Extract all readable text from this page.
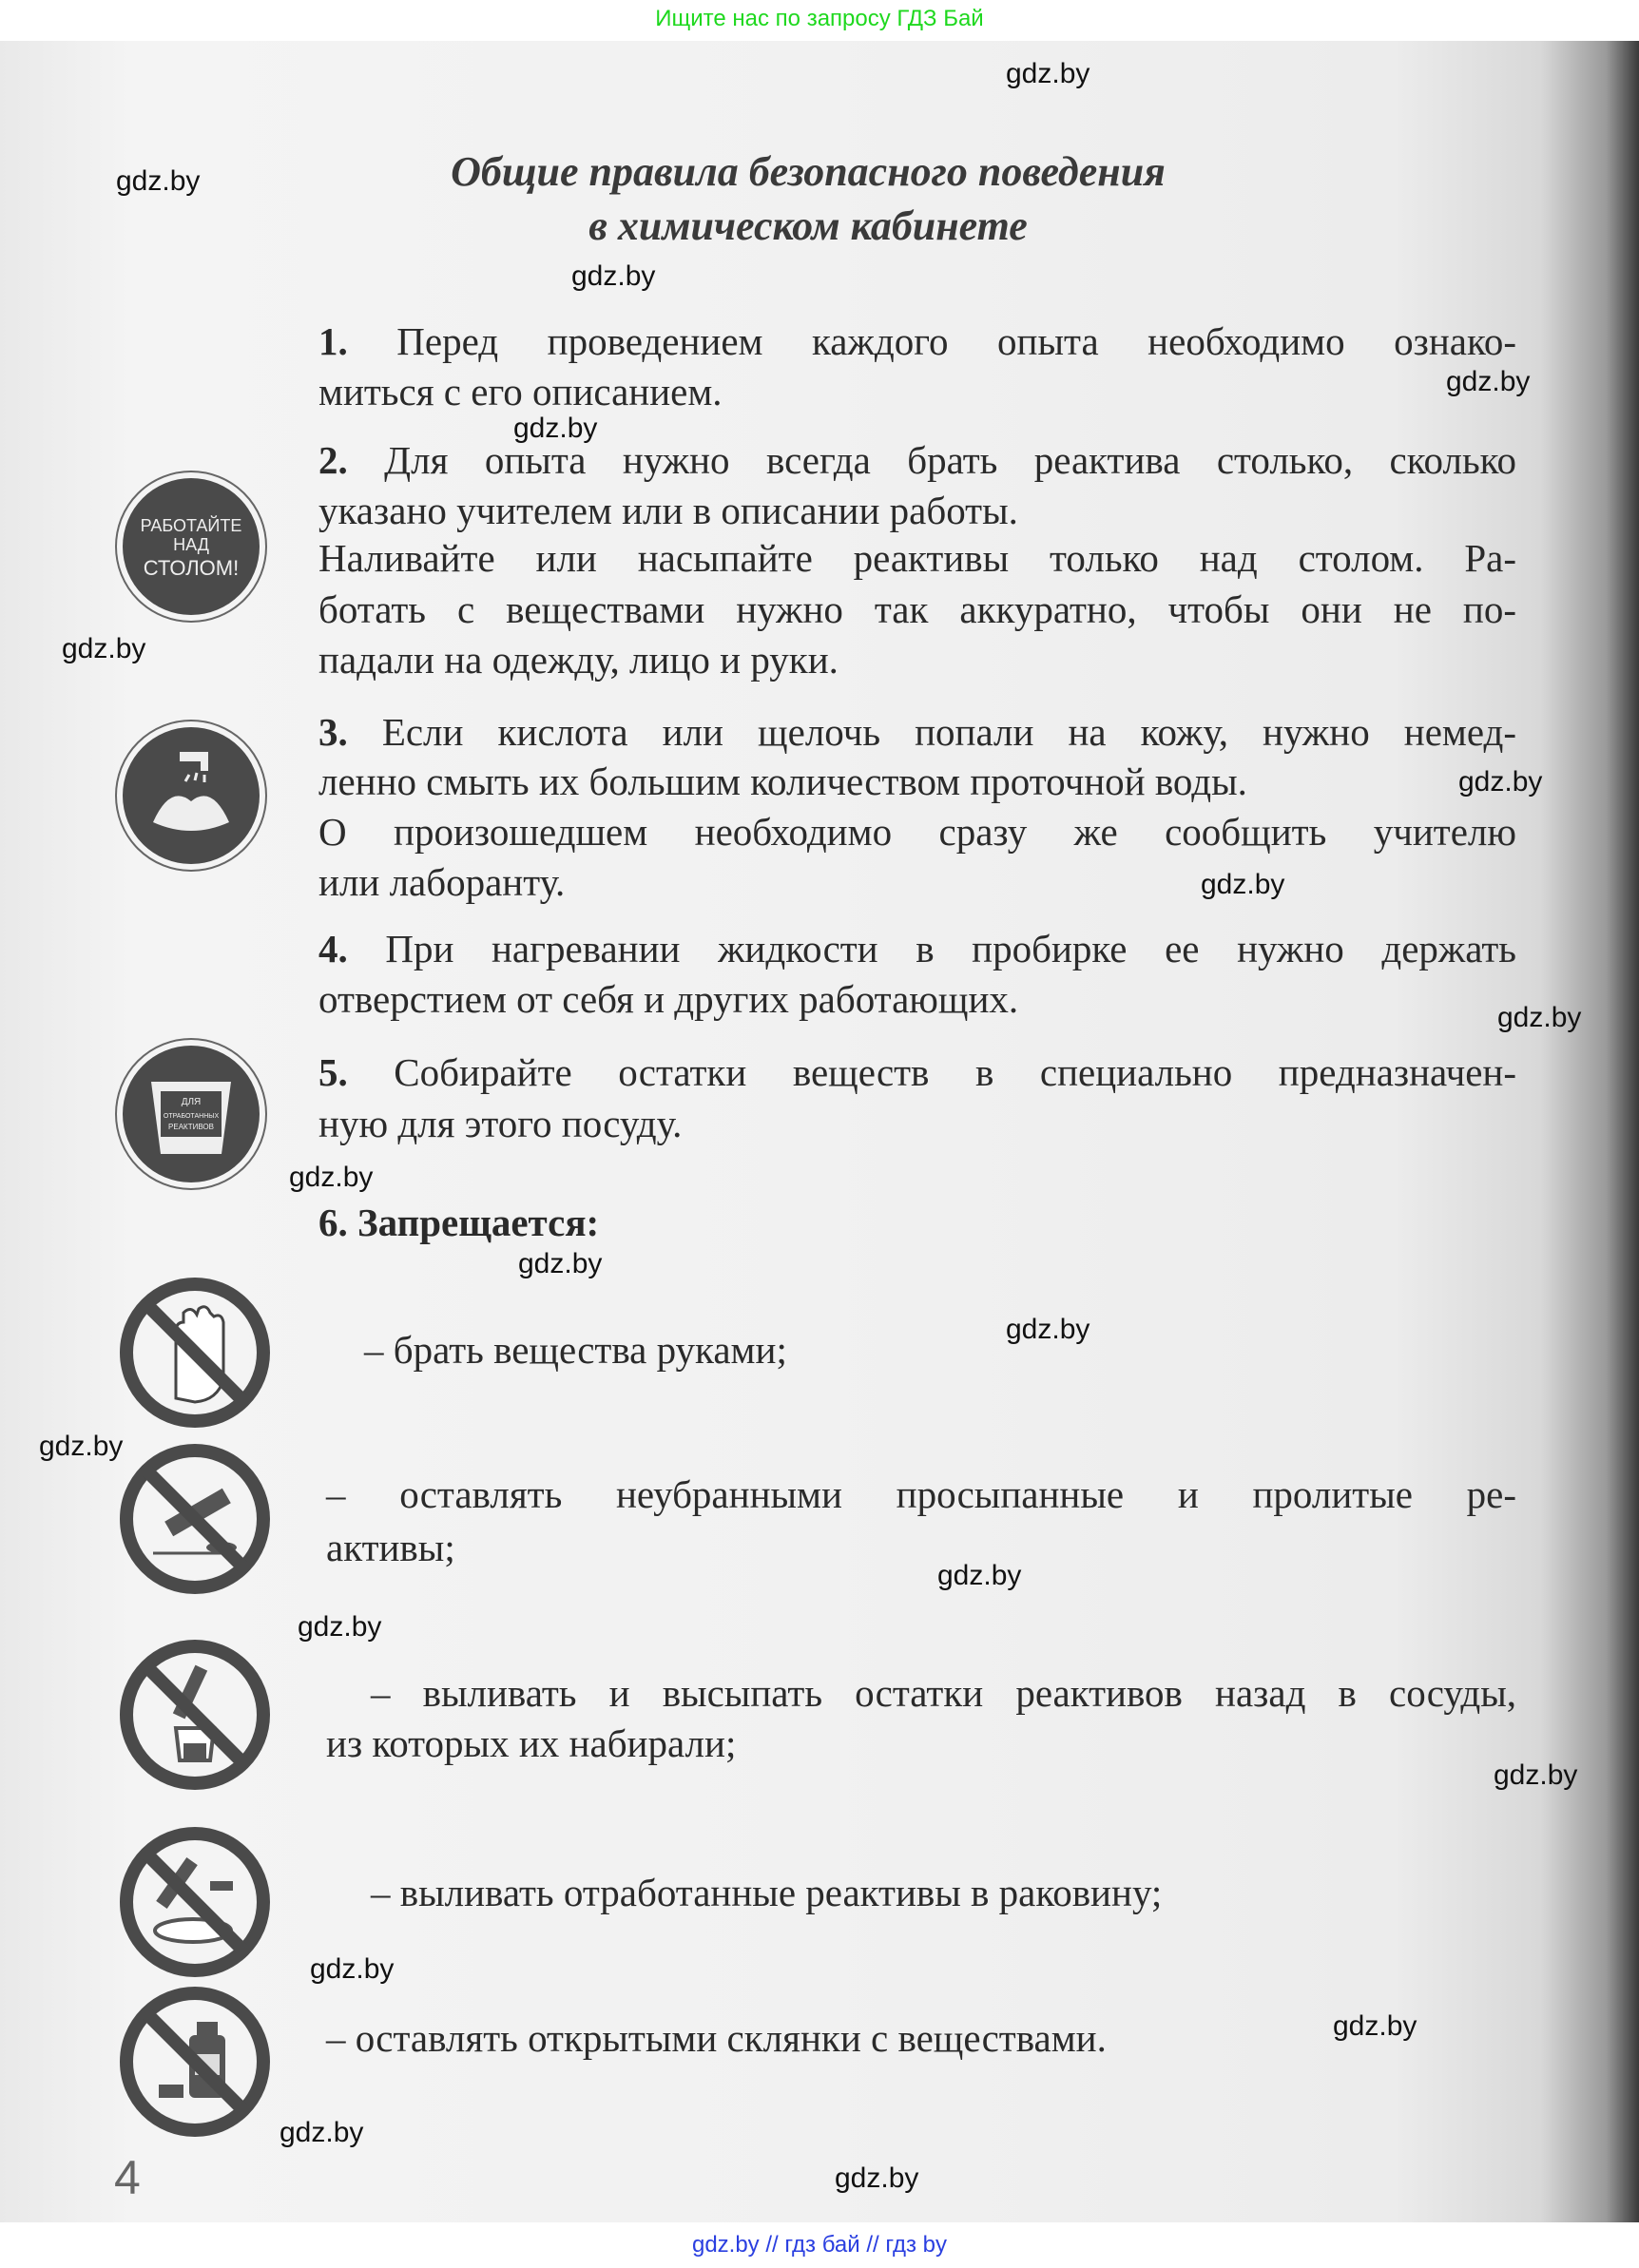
Ищите нас по запросу ГДЗ Бай
Общие правила безопасного поведения
в химическом кабинете
1. Перед проведением каждого опыта необходимо ознако-
миться с его описанием.
2. Для опыта нужно всегда брать реактива столько, сколько
указано учителем или в описании работы.
Наливайте или насыпайте реактивы только над столом. Ра-
ботать с веществами нужно так аккуратно, чтобы они не по-
падали на одежду, лицо и руки.
3. Если кислота или щелочь попали на кожу, нужно немед-
ленно смыть их большим количеством проточной воды.
О произошедшем необходимо сразу же сообщить учителю
или лаборанту.
4. При нагревании жидкости в пробирке ее нужно держать
отверстием от себя и других работающих.
5. Собирайте остатки веществ в специально предназначен-
ную для этого посуду.
6. Запрещается:
– брать вещества руками;
– оставлять неубранными просыпанные и пролитые ре-
активы;
– выливать и высыпать остатки реактивов назад в сосуды,
из которых их набирали;
– выливать отработанные реактивы в раковину;
– оставлять открытыми склянки с веществами.
РАБОТАЙТЕ
НАД
СТОЛОМ!
ДЛЯ
ОТРАБОТАННЫХ
РЕАКТИВОВ
gdz.by
gdz.by
gdz.by
gdz.by
gdz.by
gdz.by
gdz.by
gdz.by
gdz.by
gdz.by
gdz.by
gdz.by
gdz.by
gdz.by
gdz.by
gdz.by
gdz.by
gdz.by
gdz.by
gdz.by
4
gdz.by // гдз бай // гдз by
